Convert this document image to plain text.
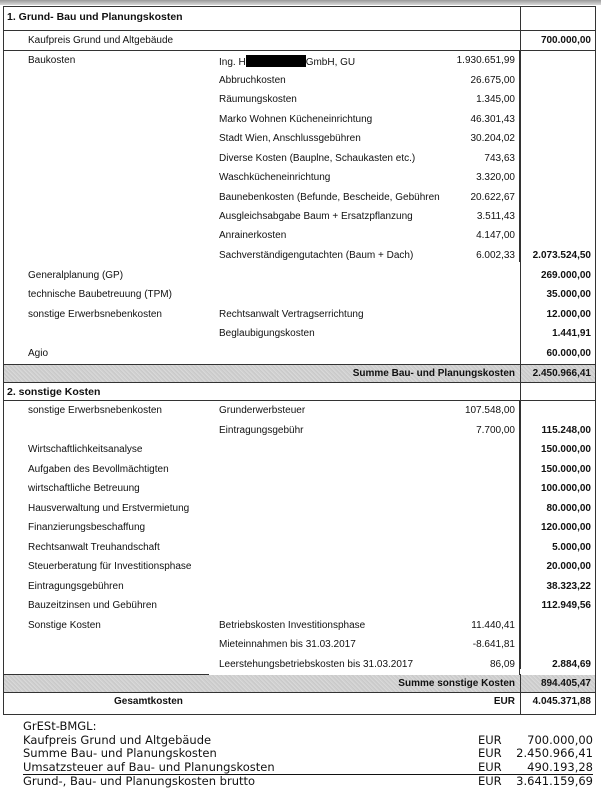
1. Grund- Bau und Planungskosten
Kaufpreis Grund und Altgebäude	700.000,00
Baukosten	Ing. H	GmbH, GU	1.930.651,99
Abbruchkosten	26.675,00
Räumungskosten	1.345,00
Marko Wohnen Kücheneinrichtung	46.301,43
Stadt Wien, Anschlussgebühren	30.204,02
Diverse Kosten (Bauplne, Schaukasten etc.)	743,63
Waschkücheneinrichtung	3.320,00
Baunebenkosten (Befunde, Bescheide, Gebühren	20.622,67
Ausgleichsabgabe Baum + Ersatzpflanzung	3.511,43
Anrainerkosten	4.147,00
Sachverständigengutachten (Baum + Dach)	6.002,33 2.073.524,50
Generalplanung (GP)	269.000,00
technische Baubetreuung (TPM)	35.000,00
sonstige Erwerbsnebenkosten	Rechtsanwalt Vertragserrichtung	12.000,00
Beglaubigungskosten	1.441,91
Agio	60.000,00
Summe Bau- und Planungskosten 2.450.966,41
2. sonstige Kosten
sonstige Erwerbsnebenkosten	Grunderwerbsteuer	107.548,00
Eintragungsgebühr	7.700,00	115.248,00
Wirtschaftlichkeitsanalyse	150.000,00
Aufgaben des Bevollmächtigten	150.000,00
wirtschaftliche Betreuung	100.000,00
Hausverwaltung und Erstvermietung	80.000,00
Finanzierungsbeschaffung	120.000,00
Rechtsanwalt Treuhandschaft	5.000,00
Steuerberatung für Investitionsphase	20.000,00
Eintragungsgebühren	38.323,22
Bauzeitzinsen und Gebühren	112.949,56
Sonstige Kosten	Betriebskosten Investitionsphase	11.440,41
Mieteinnahmen bis 31.03.2017	-8.641,81
Leerstehungsbetriebskosten bis 31.03.2017	86,09	2.884,69
Summe sonstige Kosten	894.405,47
Gesamtkosten	EUR 4.045.371,88
GrESt-BMGL:
Kaufpreis Grund und Altgebäude	EUR 700.000,00
Summe Bau- und Planungskosten	EUR 2.450.966,41
Umsatzsteuer auf Bau- und Planungskosten	EUR 490.193,28
Grund-, Bau- und Planungskosten brutto	EUR 3.641.159,69
